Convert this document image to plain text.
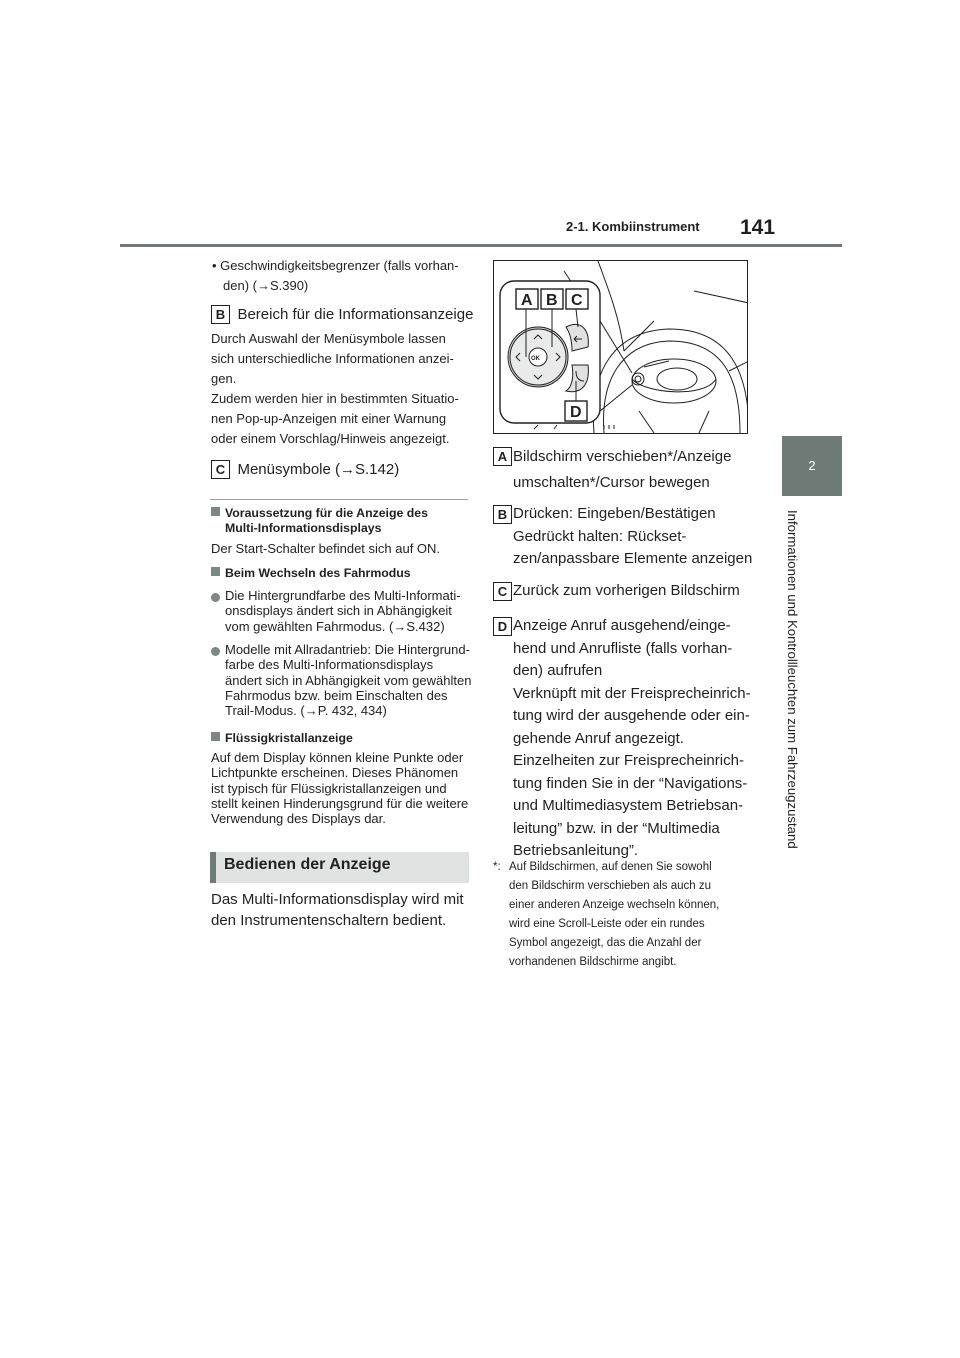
2-1. Kombiinstrument 141
2
Informationen und Kontrollleuchten zum Fahrzeugzustand
• Geschwindigkeitsbegrenzer (falls vorhan-
den) (→S.390)
B Bereich für die Informationsanzeige
Durch Auswahl der Menüsymbole lassen
sich unterschiedliche Informationen anzei-
gen.
Zudem werden hier in bestimmten Situatio-
nen Pop-up-Anzeigen mit einer Warnung
oder einem Vorschlag/Hinweis angezeigt.
C Menüsymbole (→S.142)
Voraussetzung für die Anzeige des
Multi-Informationsdisplays
Der Start-Schalter befindet sich auf ON.
Beim Wechseln des Fahrmodus
Die Hintergrundfarbe des Multi-Informati-
onsdisplays ändert sich in Abhängigkeit
vom gewählten Fahrmodus. (→S.432)
Modelle mit Allradantrieb: Die Hintergrund-
farbe des Multi-Informationsdisplays
ändert sich in Abhängigkeit vom gewählten
Fahrmodus bzw. beim Einschalten des
Trail-Modus. (→P. 432, 434)
Flüssigkristallanzeige
Auf dem Display können kleine Punkte oder
Lichtpunkte erscheinen. Dieses Phänomen
ist typisch für Flüssigkristallanzeigen und
stellt keinen Hinderungsgrund für die weitere
Verwendung des Displays dar.
Bedienen der Anzeige
Das Multi-Informationsdisplay wird mit
den Instrumentenschaltern bedient.
A B C
D
OK
A Bildschirm verschieben*/Anzeige
umschalten*/Cursor bewegen
B Drücken: Eingeben/Bestätigen
Gedrückt halten: Rückset-
zen/anpassbare Elemente anzeigen
C Zurück zum vorherigen Bildschirm
D Anzeige Anruf ausgehend/einge-
hend und Anrufliste (falls vorhan-
den) aufrufen
Verknüpft mit der Freisprecheinrich-
tung wird der ausgehende oder ein-
gehende Anruf angezeigt.
Einzelheiten zur Freisprecheinrich-
tung finden Sie in der “Navigations-
und Multimediasystem Betriebsan-
leitung” bzw. in der “Multimedia
Betriebsanleitung”.
*: Auf Bildschirmen, auf denen Sie sowohl
den Bildschirm verschieben als auch zu
einer anderen Anzeige wechseln können,
wird eine Scroll-Leiste oder ein rundes
Symbol angezeigt, das die Anzahl der
vorhandenen Bildschirme angibt.
